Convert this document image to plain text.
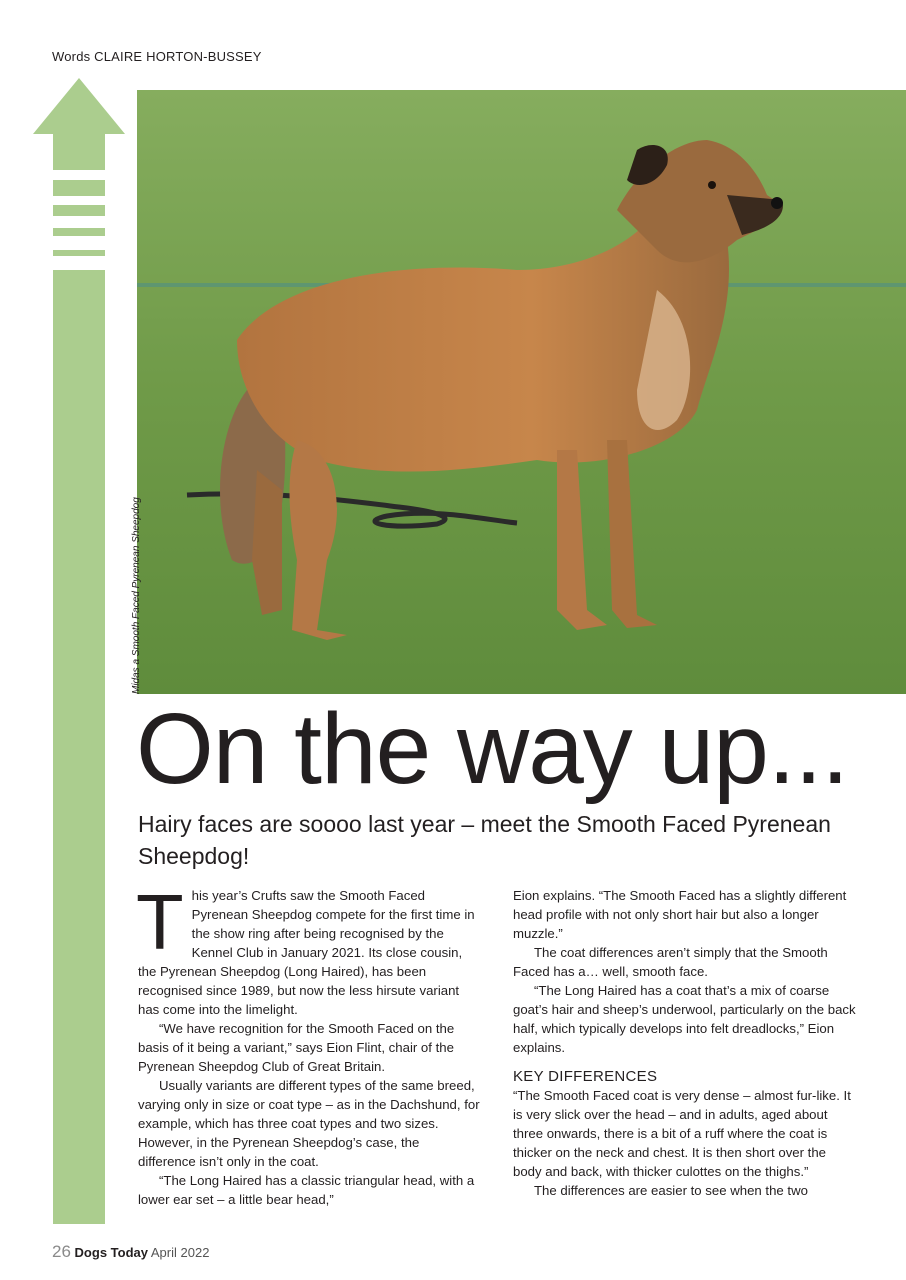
Words CLAIRE HORTON-BUSSEY
Midas a Smooth Faced Pyrenean Sheepdog
On the way up...

Hairy faces are soooo last year – meet the Smooth Faced Pyrenean Sheepdog!

This year’s Crufts saw the Smooth Faced Pyrenean Sheepdog compete for the first time in the show ring after being recognised by the Kennel Club in January 2021. Its close cousin, the Pyrenean Sheepdog (Long Haired), has been recognised since 1989, but now the less hirsute variant has come into the limelight.

“We have recognition for the Smooth Faced on the basis of it being a variant,” says Eion Flint, chair of the Pyrenean Sheepdog Club of Great Britain.

Usually variants are different types of the same breed, varying only in size or coat type – as in the Dachshund, for example, which has three coat types and two sizes. However, in the Pyrenean Sheepdog’s case, the difference isn’t only in the coat.

“The Long Haired has a classic triangular head, with a lower ear set – a little bear head,”

Eion explains. “The Smooth Faced has a slightly different head profile with not only short hair but also a longer muzzle.”

The coat differences aren’t simply that the Smooth Faced has a… well, smooth face.

“The Long Haired has a coat that’s a mix of coarse goat’s hair and sheep’s underwool, particularly on the back half, which typically develops into felt dreadlocks,” Eion explains.

KEY DIFFERENCES

“The Smooth Faced coat is very dense – almost fur-like. It is very slick over the head – and in adults, aged about three onwards, there is a bit of a ruff where the coat is thicker on the neck and chest. It is then short over the body and back, with thicker culottes on the thighs.”

The differences are easier to see when the two

26 Dogs Today April 2022
